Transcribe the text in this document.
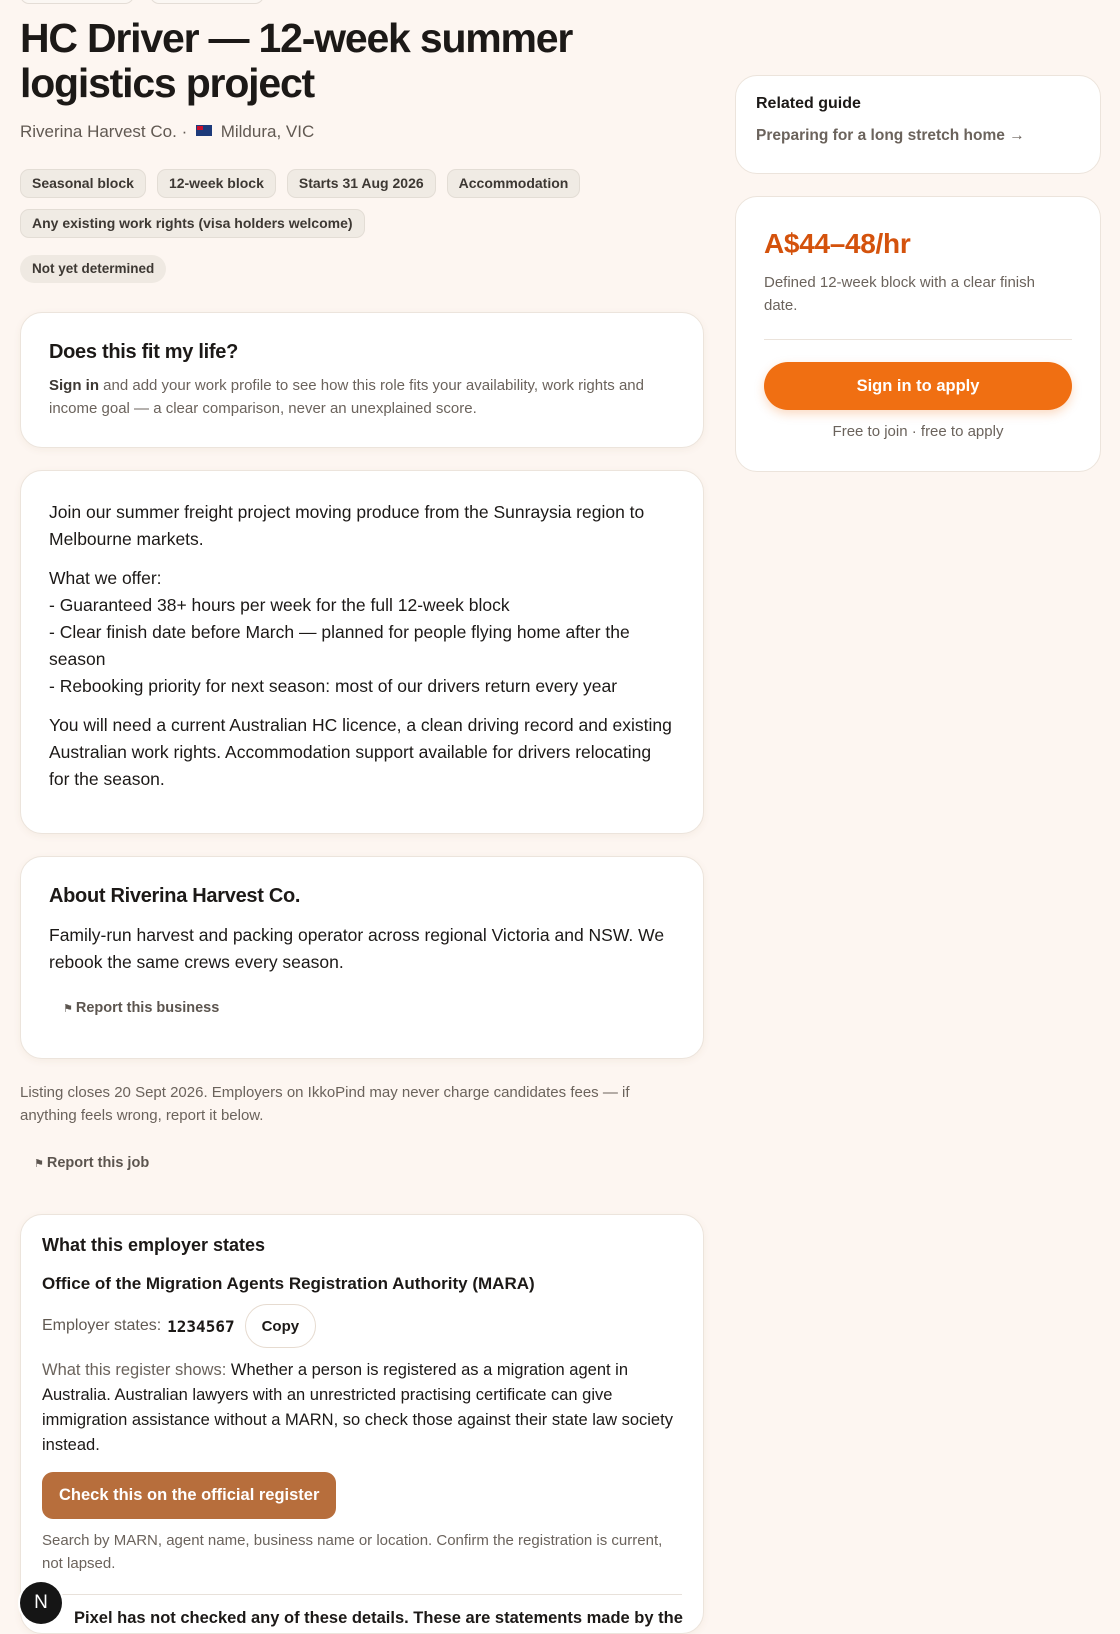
HC Driver — 12-week summer logistics project
Riverina Harvest Co. · Mildura, VIC
Seasonal block	12-week block	Starts 31 Aug 2026	Accommodation
Any existing work rights (visa holders welcome)
Not yet determined
Does this fit my life?

Sign in and add your work profile to see how this role fits your availability, work rights and income goal — a clear comparison, never an unexplained score.

Join our summer freight project moving produce from the Sunraysia region to Melbourne markets.

What we offer:
- Guaranteed 38+ hours per week for the full 12-week block
- Clear finish date before March — planned for people flying home after the season
- Rebooking priority for next season: most of our drivers return every year

You will need a current Australian HC licence, a clean driving record and existing Australian work rights. Accommodation support available for drivers relocating for the season.

About Riverina Harvest Co.

Family-run harvest and packing operator across regional Victoria and NSW. We rebook the same crews every season.

⚑ Report this business
Listing closes 20 Sept 2026. Employers on IkkoPind may never charge candidates fees — if anything feels wrong, report it below.
⚑ Report this job
What this employer states
Office of the Migration Agents Registration Authority (MARA)
Employer states: 1234567	Copy
What this register shows: Whether a person is registered as a migration agent in Australia. Australian lawyers with an unrestricted practising certificate can give immigration assistance without a MARN, so check those against their state law society instead.
Check this on the official register
Search by MARN, agent name, business name or location. Confirm the registration is current, not lapsed.
Pixel has not checked any of these details. These are statements made by the
N
Related guide
Preparing for a long stretch home →
A$44–48/hr
Defined 12-week block with a clear finish date.
Sign in to apply
Free to join · free to apply
